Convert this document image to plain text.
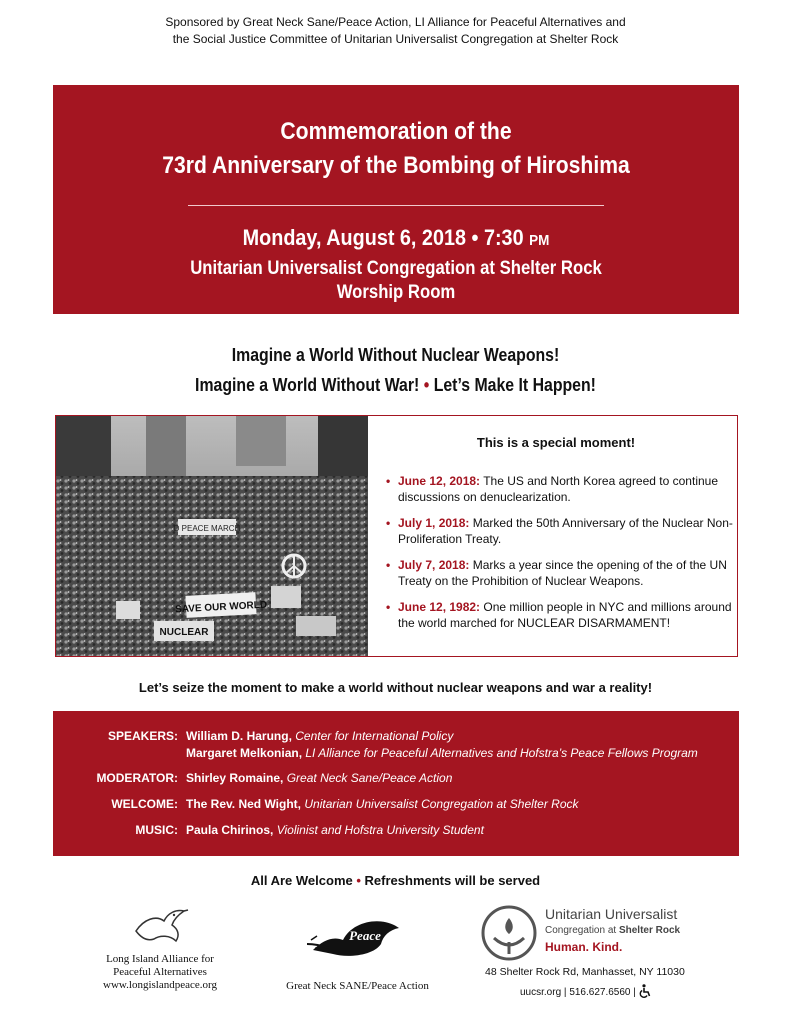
Sponsored by Great Neck Sane/Peace Action, LI Alliance for Peaceful Alternatives and
the Social Justice Committee of Unitarian Universalist Congregation at Shelter Rock
Commemoration of the
73rd Anniversary of the Bombing of Hiroshima
Monday, August 6, 2018 • 7:30 PM
Unitarian Universalist Congregation at Shelter Rock
Worship Room
Imagine a World Without Nuclear Weapons!
Imagine a World Without War! • Let’s Make It Happen!
D PEACE MARCH
SAVE OUR WORLD
NUCLEAR
This is a special moment!
• June 12, 2018: The US and North Korea agreed to continue discussions on denuclearization.
• July 1, 2018: Marked the 50th Anniversary of the Nuclear Non-Proliferation Treaty.
• July 7, 2018: Marks a year since the opening of the of the UN Treaty on the Prohibition of Nuclear Weapons.
• June 12, 1982: One million people in NYC and millions around the world marched for NUCLEAR DISARMAMENT!
Let’s seize the moment to make a world without nuclear weapons and war a reality!
SPEAKERS: William D. Harung, Center for International Policy
Margaret Melkonian, LI Alliance for Peaceful Alternatives and Hofstra’s Peace Fellows Program
MODERATOR: Shirley Romaine, Great Neck Sane/Peace Action
WELCOME: The Rev. Ned Wight, Unitarian Universalist Congregation at Shelter Rock
MUSIC: Paula Chirinos, Violinist and Hofstra University Student
All Are Welcome • Refreshments will be served
Long Island Alliance for
Peaceful Alternatives
www.longislandpeace.org
Peace
Great Neck SANE/Peace Action
Unitarian Universalist
Congregation at Shelter Rock
Human. Kind.
48 Shelter Rock Rd, Manhasset, NY 11030
uucsr.org | 516.627.6560 |
